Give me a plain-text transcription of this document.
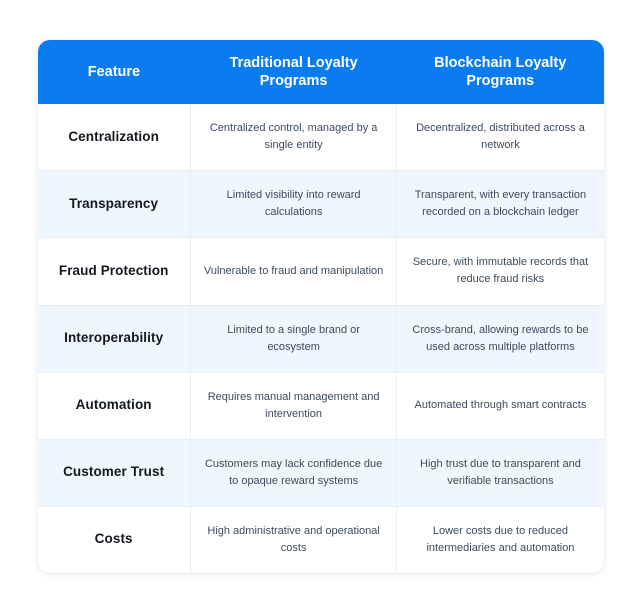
Feature	Traditional Loyalty Programs	Blockchain Loyalty Programs
Centralization	Centralized control, managed by a single entity	Decentralized, distributed across a network
Transparency	Limited visibility into reward calculations	Transparent, with every transaction recorded on a blockchain ledger
Fraud Protection	Vulnerable to fraud and manipulation	Secure, with immutable records that reduce fraud risks
Interoperability	Limited to a single brand or ecosystem	Cross-brand, allowing rewards to be used across multiple platforms
Automation	Requires manual management and intervention	Automated through smart contracts
Customer Trust	Customers may lack confidence due to opaque reward systems	High trust due to transparent and verifiable transactions
Costs	High administrative and operational costs	Lower costs due to reduced intermediaries and automation
